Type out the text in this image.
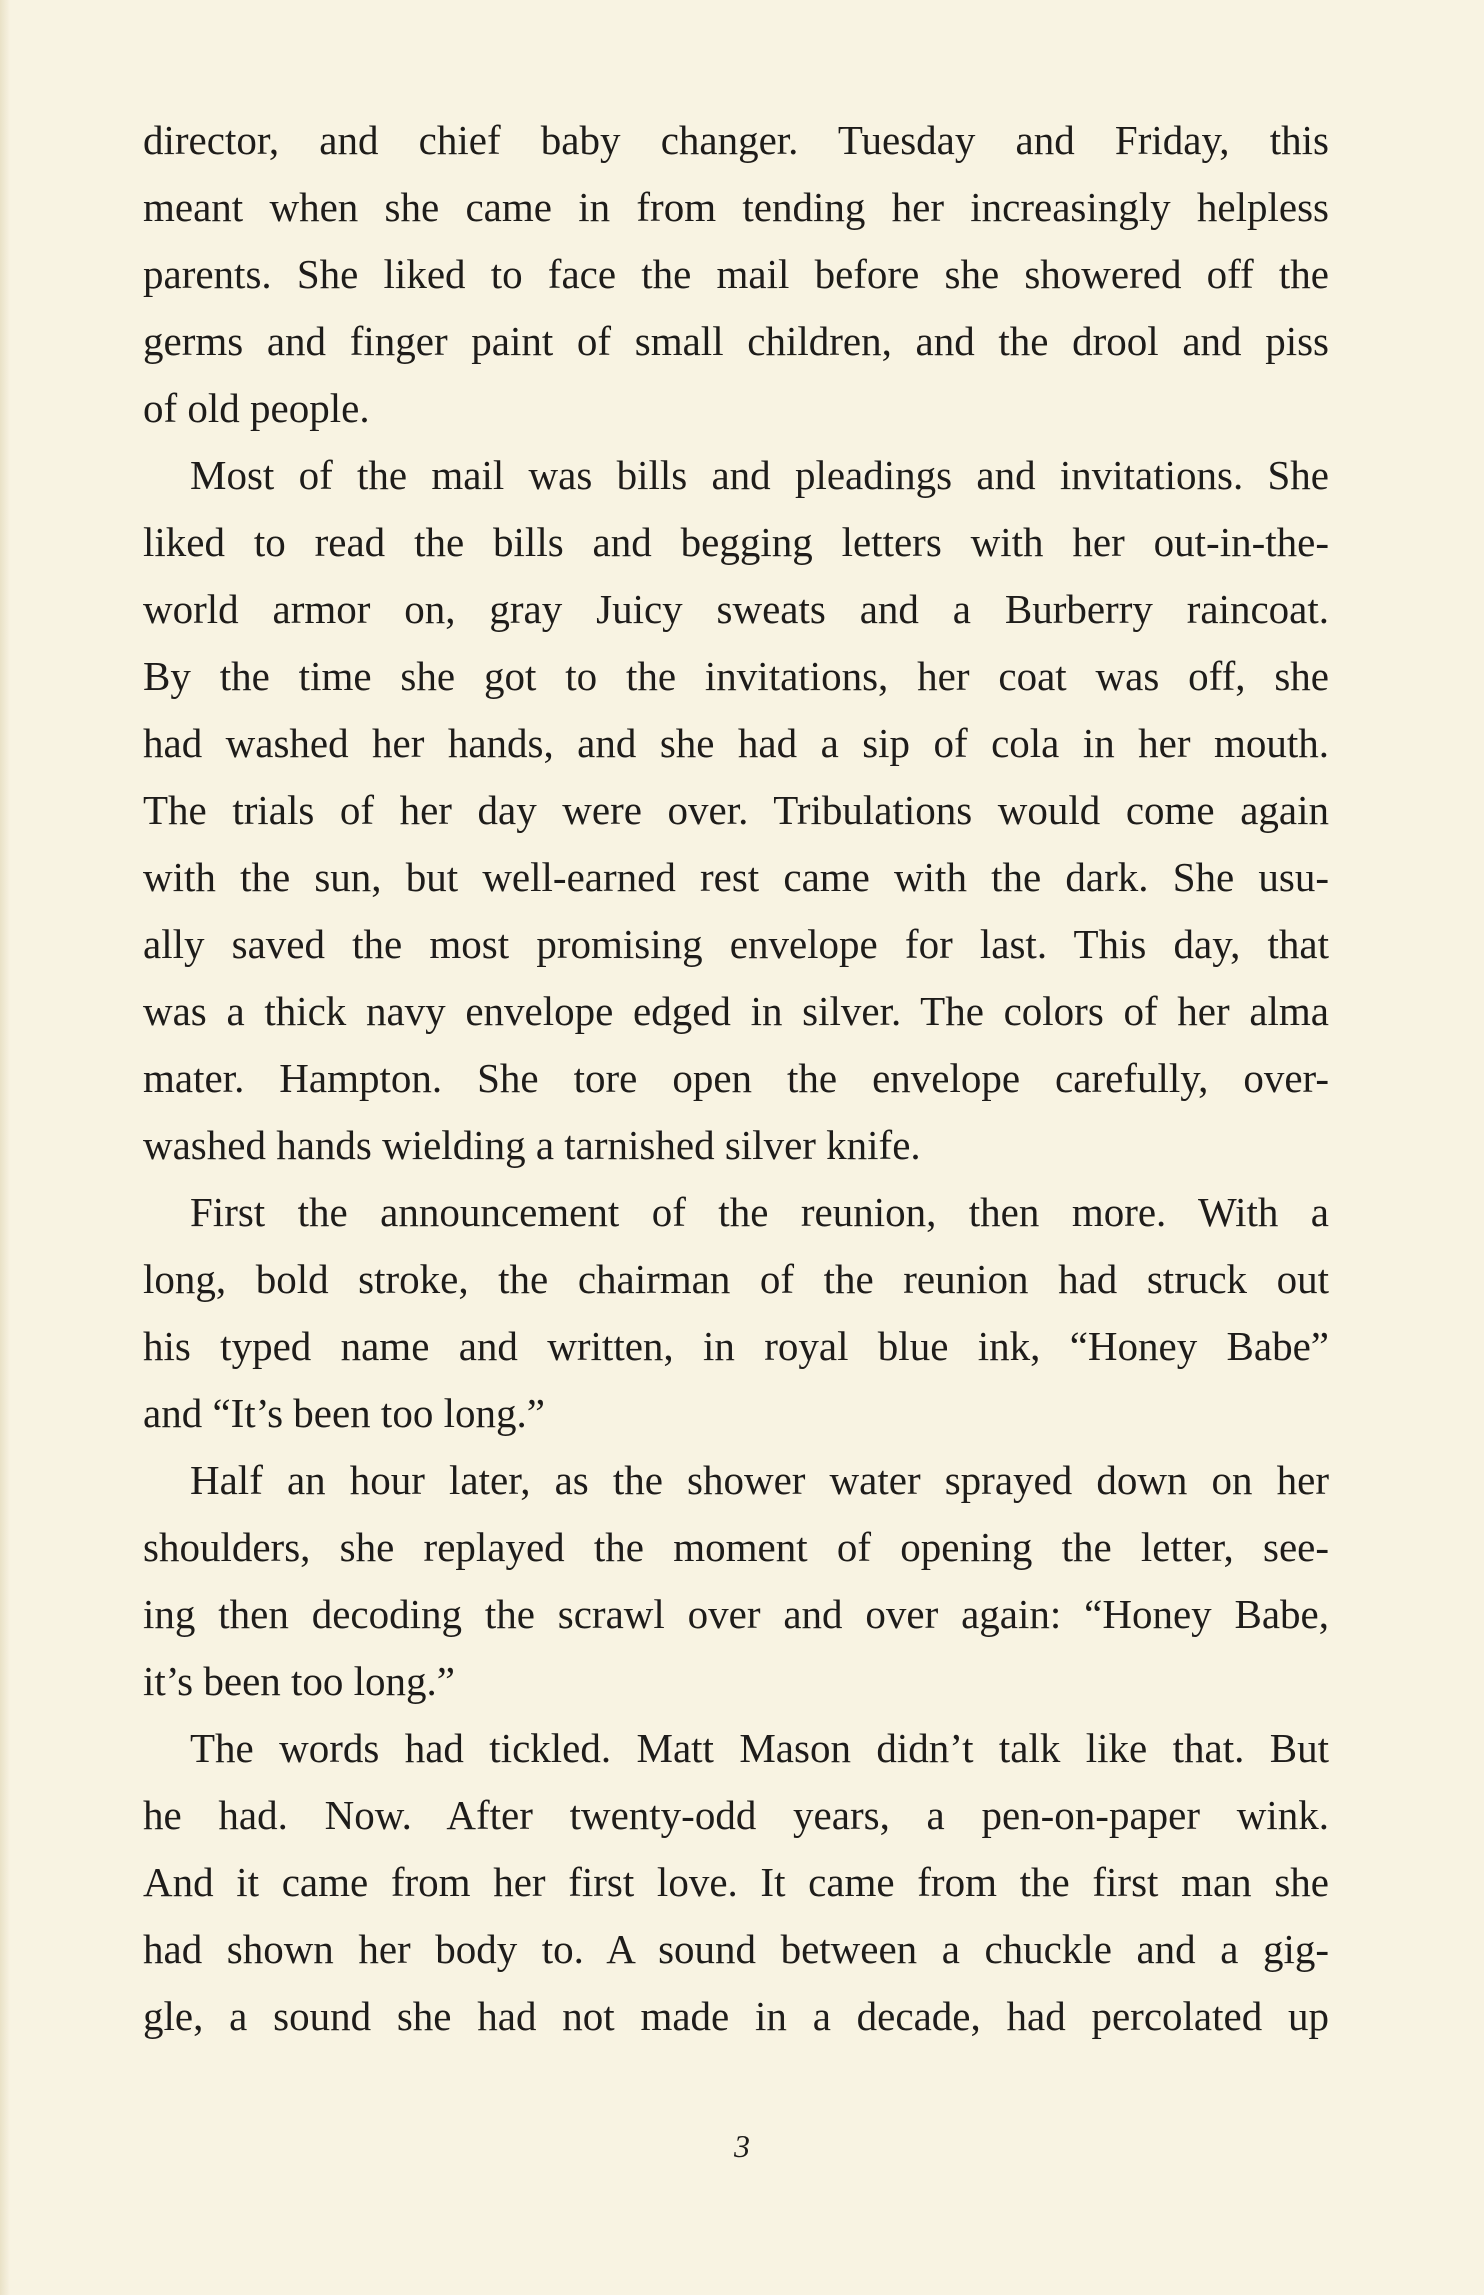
director, and chief baby changer. Tuesday and Friday, this
meant when she came in from tending her increasingly helpless
parents. She liked to face the mail before she showered off the
germs and finger paint of small children, and the drool and piss
of old people.
Most of the mail was bills and pleadings and invitations. She
liked to read the bills and begging letters with her out-in-the-
world armor on, gray Juicy sweats and a Burberry raincoat.
By the time she got to the invitations, her coat was off, she
had washed her hands, and she had a sip of cola in her mouth.
The trials of her day were over. Tribulations would come again
with the sun, but well-earned rest came with the dark. She usu-
ally saved the most promising envelope for last. This day, that
was a thick navy envelope edged in silver. The colors of her alma
mater. Hampton. She tore open the envelope carefully, over-
washed hands wielding a tarnished silver knife.
First the announcement of the reunion, then more. With a
long, bold stroke, the chairman of the reunion had struck out
his typed name and written, in royal blue ink, “Honey Babe”
and “It’s been too long.”
Half an hour later, as the shower water sprayed down on her
shoulders, she replayed the moment of opening the letter, see-
ing then decoding the scrawl over and over again: “Honey Babe,
it’s been too long.”
The words had tickled. Matt Mason didn’t talk like that. But
he had. Now. After twenty-odd years, a pen-on-paper wink.
And it came from her first love. It came from the first man she
had shown her body to. A sound between a chuckle and a gig-
gle, a sound she had not made in a decade, had percolated up
3
